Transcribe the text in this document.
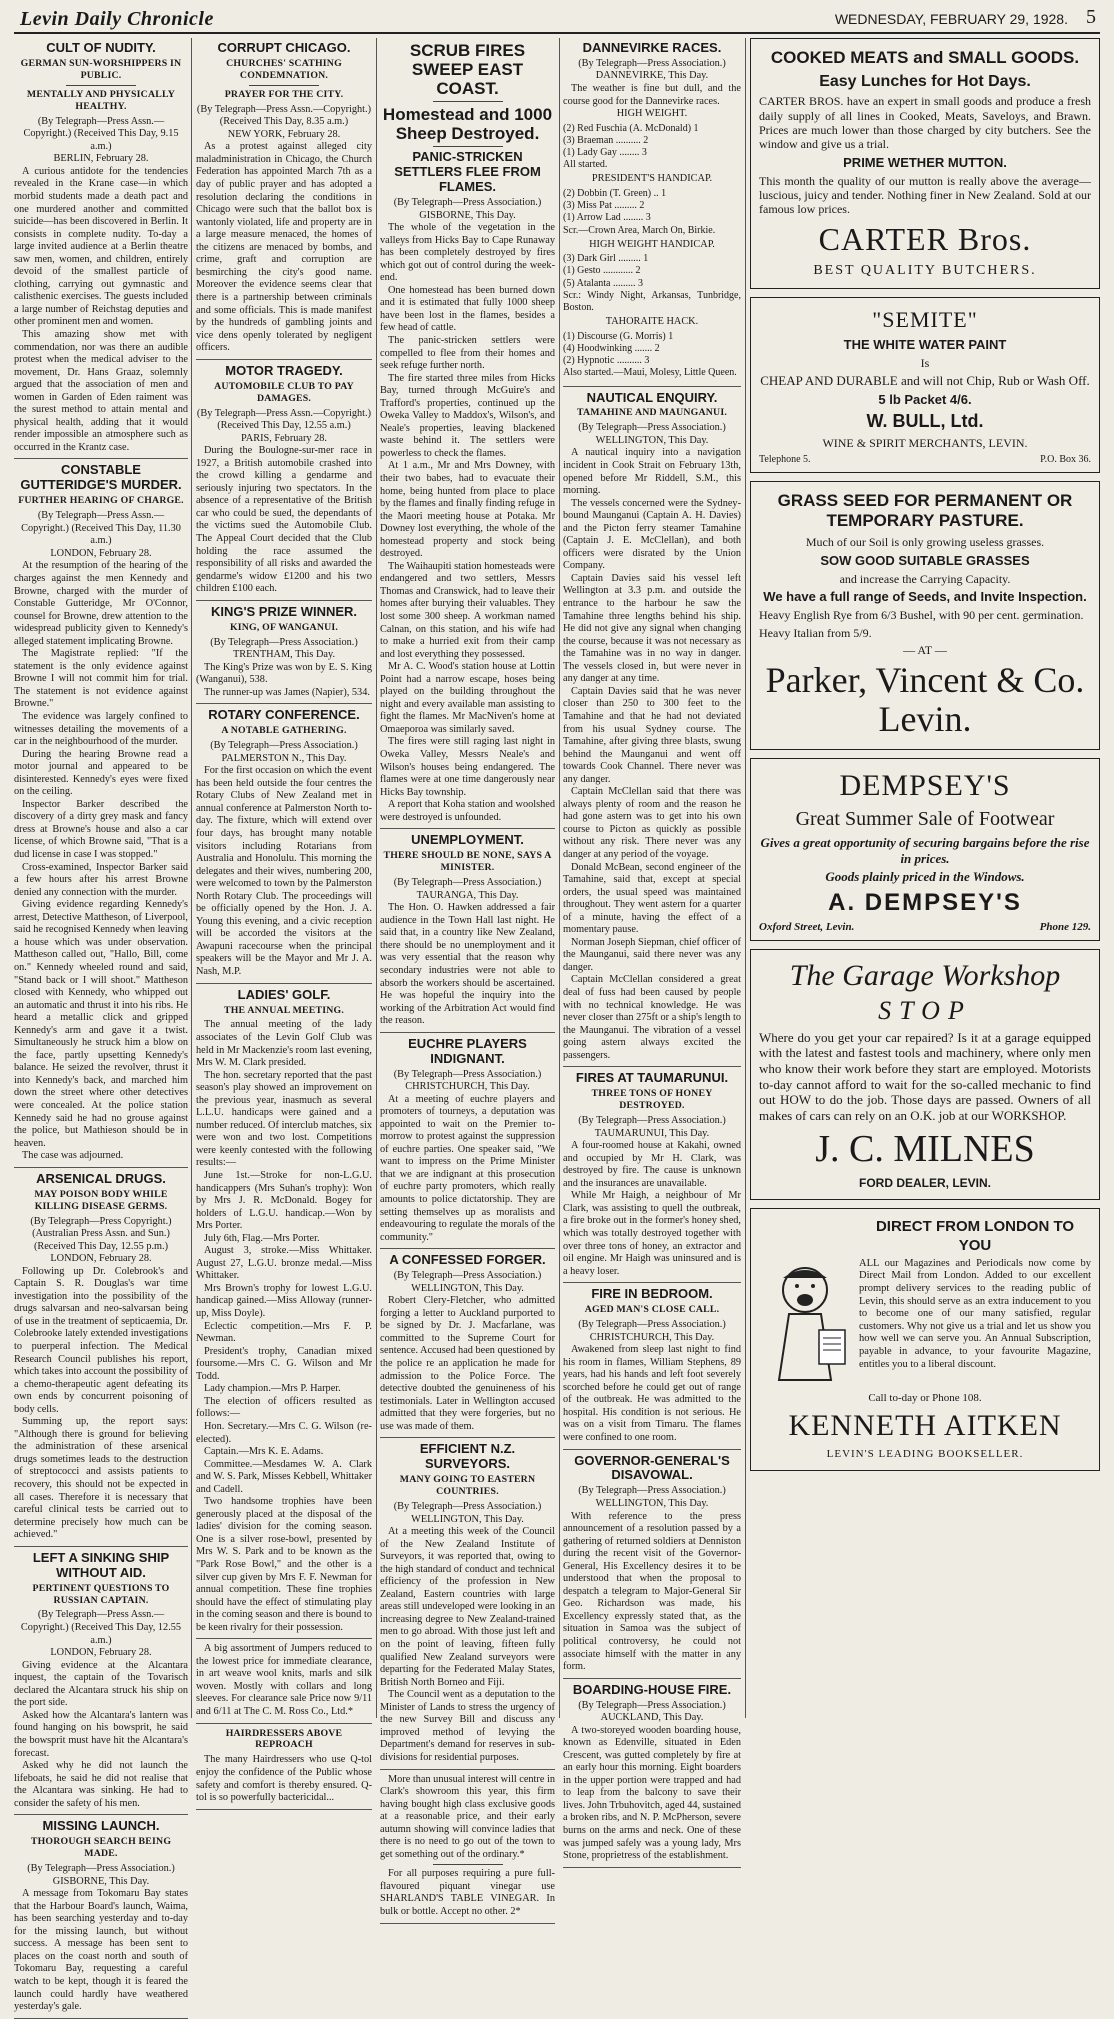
Levin Daily Chronicle	WEDNESDAY, FEBRUARY 29, 1928. 5
CULT OF NUDITY.
GERMAN SUN-WORSHIPPERS IN PUBLIC.
MENTALLY AND PHYSICALLY HEALTHY.

(By Telegraph—Press Assn.—Copyright.) (Received This Day, 9.15 a.m.)

BERLIN, February 28.

A curious antidote for the tendencies revealed in the Krane case—in which morbid students made a death pact and one murdered another and committed suicide—has been discovered in Berlin. It consists in complete nudity. To-day a large invited audience at a Berlin theatre saw men, women, and children, entirely devoid of the smallest particle of clothing, carrying out gymnastic and calisthenic exercises. The guests included a large number of Reichstag deputies and other prominent men and women.

This amazing show met with commendation, nor was there an audible protest when the medical adviser to the movement, Dr. Hans Graaz, solemnly argued that the association of men and women in Garden of Eden raiment was the surest method to attain mental and physical health, adding that it would render impossible an atmosphere such as occurred in the Krantz case.

CONSTABLE GUTTERIDGE'S MURDER.
FURTHER HEARING OF CHARGE.

(By Telegraph—Press Assn.—Copyright.) (Received This Day, 11.30 a.m.)

LONDON, February 28.

At the resumption of the hearing of the charges against the men Kennedy and Browne, charged with the murder of Constable Gutteridge, Mr O'Connor, counsel for Browne, drew attention to the widespread publicity given to Kennedy's alleged statement implicating Browne.

The Magistrate replied: "If the statement is the only evidence against Browne I will not commit him for trial. The statement is not evidence against Browne."

The evidence was largely confined to witnesses detailing the movements of a car in the neighbourhood of the murder.

During the hearing Browne read a motor journal and appeared to be disinterested. Kennedy's eyes were fixed on the ceiling.

Inspector Barker described the discovery of a dirty grey mask and fancy dress at Browne's house and also a car license, of which Browne said, "That is a dud license in case I was stopped."

Cross-examined, Inspector Barker said a few hours after his arrest Browne denied any connection with the murder.

Giving evidence regarding Kennedy's arrest, Detective Mattheson, of Liverpool, said he recognised Kennedy when leaving a house which was under observation. Mattheson called out, "Hallo, Bill, come on." Kennedy wheeled round and said, "Stand back or I will shoot." Mattheson closed with Kennedy, who whipped out an automatic and thrust it into his ribs. He heard a metallic click and gripped Kennedy's arm and gave it a twist. Simultaneously he struck him a blow on the face, partly upsetting Kennedy's balance. He seized the revolver, thrust it into Kennedy's back, and marched him down the street where other detectives were concealed. At the police station Kennedy said he had no grouse against the police, but Mathieson should be in heaven.

The case was adjourned.

ARSENICAL DRUGS.
MAY POISON BODY WHILE KILLING DISEASE GERMS.

(By Telegraph—Press Copyright.) (Australian Press Assn. and Sun.) (Received This Day, 12.55 p.m.)

LONDON, February 28.

Following up Dr. Colebrook's and Captain S. R. Douglas's war time investigation into the possibility of the drugs salvarsan and neo-salvarsan being of use in the treatment of septicaemia, Dr. Colebrooke lately extended investigations to puerperal infection. The Medical Research Council publishes his report, which takes into account the possibility of a chemo-therapeutic agent defeating its own ends by concurrent poisoning of body cells.

Summing up, the report says: "Although there is ground for believing the administration of these arsenical drugs sometimes leads to the destruction of streptococci and assists patients to recovery, this should not be expected in all cases. Therefore it is necessary that careful clinical tests be carried out to determine precisely how much can be achieved."

LEFT A SINKING SHIP WITHOUT AID.
PERTINENT QUESTIONS TO RUSSIAN CAPTAIN.

(By Telegraph—Press Assn.—Copyright.) (Received This Day, 12.55 a.m.)

LONDON, February 28.

Giving evidence at the Alcantara inquest, the captain of the Tovarisch declared the Alcantara struck his ship on the port side.

Asked how the Alcantara's lantern was found hanging on his bowsprit, he said the bowsprit must have hit the Alcantara's forecast.

Asked why he did not launch the lifeboats, he said he did not realise that the Alcantara was sinking. He had to consider the safety of his men.

MISSING LAUNCH.
THOROUGH SEARCH BEING MADE.

(By Telegraph—Press Association.)

GISBORNE, This Day.

A message from Tokomaru Bay states that the Harbour Board's launch, Waima, has been searching yesterday and to-day for the missing launch, but without success. A message has been sent to places on the coast north and south of Tokomaru Bay, requesting a careful watch to be kept, though it is feared the launch could hardly have weathered yesterday's gale.

CORRUPT CHICAGO.
CHURCHES' SCATHING CONDEMNATION.
PRAYER FOR THE CITY.

(By Telegraph—Press Assn.—Copyright.) (Received This Day, 8.35 a.m.)

NEW YORK, February 28.

As a protest against alleged city maladministration in Chicago, the Church Federation has appointed March 7th as a day of public prayer and has adopted a resolution declaring the conditions in Chicago were such that the ballot box is wantonly violated, life and property are in a large measure menaced, the homes of the citizens are menaced by bombs, and crime, graft and corruption are besmirching the city's good name. Moreover the evidence seems clear that there is a partnership between criminals and some officials. This is made manifest by the hundreds of gambling joints and vice dens openly tolerated by negligent officers.

MOTOR TRAGEDY.
AUTOMOBILE CLUB TO PAY DAMAGES.

(By Telegraph—Press Assn.—Copyright.) (Received This Day, 12.55 a.m.)

PARIS, February 28.

During the Boulogne-sur-mer race in 1927, a British automobile crashed into the crowd killing a gendarme and seriously injuring two spectators. In the absence of a representative of the British car who could be sued, the dependants of the victims sued the Automobile Club. The Appeal Court decided that the Club holding the race assumed the responsibility of all risks and awarded the gendarme's widow £1200 and his two children £100 each.

KING'S PRIZE WINNER.
KING, OF WANGANUI.

(By Telegraph—Press Association.)

TRENTHAM, This Day.

The King's Prize was won by E. S. King (Wanganui), 538.

The runner-up was James (Napier), 534.

ROTARY CONFERENCE.
A NOTABLE GATHERING.

(By Telegraph—Press Association.)

PALMERSTON N., This Day.

For the first occasion on which the event has been held outside the four centres the Rotary Clubs of New Zealand met in annual conference at Palmerston North to-day. The fixture, which will extend over four days, has brought many notable visitors including Rotarians from Australia and Honolulu. This morning the delegates and their wives, numbering 200, were welcomed to town by the Palmerston North Rotary Club. The proceedings will be officially opened by the Hon. J. A. Young this evening, and a civic reception will be accorded the visitors at the Awapuni racecourse when the principal speakers will be the Mayor and Mr J. A. Nash, M.P.

LADIES' GOLF.
THE ANNUAL MEETING.

The annual meeting of the lady associates of the Levin Golf Club was held in Mr Mackenzie's room last evening, Mrs W. M. Clark presided.

The hon. secretary reported that the past season's play showed an improvement on the previous year, inasmuch as several L.L.U. handicaps were gained and a number reduced. Of interclub matches, six were won and two lost. Competitions were keenly contested with the following results:—

June 1st.—Stroke for non-L.G.U. handicappers (Mrs Suhan's trophy): Won by Mrs J. R. McDonald. Bogey for holders of L.G.U. handicap.—Won by Mrs Porter.

July 6th, Flag.—Mrs Porter.

August 3, stroke.—Miss Whittaker. August 27, L.G.U. bronze medal.—Miss Whittaker.

Mrs Brown's trophy for lowest L.G.U. handicap gained.—Miss Alloway (runner-up, Miss Doyle).

Eclectic competition.—Mrs F. P. Newman.

President's trophy, Canadian mixed foursome.—Mrs C. G. Wilson and Mr Todd.

Lady champion.—Mrs P. Harper.

The election of officers resulted as follows:—

Hon. Secretary.—Mrs C. G. Wilson (re-elected).

Captain.—Mrs K. E. Adams.

Committee.—Mesdames W. A. Clark and W. S. Park, Misses Kebbell, Whittaker and Cadell.

Two handsome trophies have been generously placed at the disposal of the ladies' division for the coming season. One is a silver rose-bowl, presented by Mrs W. S. Park and to be known as the "Park Rose Bowl," and the other is a silver cup given by Mrs F. F. Newman for annual competition. These fine trophies should have the effect of stimulating play in the coming season and there is bound to be keen rivalry for their possession.

A big assortment of Jumpers reduced to the lowest price for immediate clearance, in art weave wool knits, marls and silk woven. Mostly with collars and long sleeves. For clearance sale Price now 9/11 and 6/11 at The C. M. Ross Co., Ltd.*

HAIRDRESSERS ABOVE REPROACH

The many Hairdressers who use Q-tol enjoy the confidence of the Public whose safety and comfort is thereby ensured. Q-tol is so powerfully bactericidal...

SCRUB FIRES SWEEP EAST COAST.
Homestead and 1000 Sheep Destroyed.
PANIC-STRICKEN SETTLERS FLEE FROM FLAMES.

(By Telegraph—Press Association.)

GISBORNE, This Day.

The whole of the vegetation in the valleys from Hicks Bay to Cape Runaway has been completely destroyed by fires which got out of control during the week-end.

One homestead has been burned down and it is estimated that fully 1000 sheep have been lost in the flames, besides a few head of cattle.

The panic-stricken settlers were compelled to flee from their homes and seek refuge further north.

The fire started three miles from Hicks Bay, turned through McGuire's and Trafford's properties, continued up the Oweka Valley to Maddox's, Wilson's, and Neale's properties, leaving blackened waste behind it. The settlers were powerless to check the flames.

At 1 a.m., Mr and Mrs Downey, with their two babes, had to evacuate their home, being hunted from place to place by the flames and finally finding refuge in the Maori meeting house at Potaka. Mr Downey lost everything, the whole of the homestead property and stock being destroyed.

The Waihaupiti station homesteads were endangered and two settlers, Messrs Thomas and Cranswick, had to leave their homes after burying their valuables. They lost some 300 sheep. A workman named Calnan, on this station, and his wife had to make a hurried exit from their camp and lost everything they possessed.

Mr A. C. Wood's station house at Lottin Point had a narrow escape, hoses being played on the building throughout the night and every available man assisting to fight the flames. Mr MacNiven's home at Omaeporoa was similarly saved.

The fires were still raging last night in Oweka Valley, Messrs Neale's and Wilson's houses being endangered. The flames were at one time dangerously near Hicks Bay township.

A report that Koha station and woolshed were destroyed is unfounded.

UNEMPLOYMENT.
THERE SHOULD BE NONE, SAYS A MINISTER.

(By Telegraph—Press Association.)

TAURANGA, This Day.

The Hon. O. Hawken addressed a fair audience in the Town Hall last night. He said that, in a country like New Zealand, there should be no unemployment and it was very essential that the reason why secondary industries were not able to absorb the workers should be ascertained. He was hopeful the inquiry into the working of the Arbitration Act would find the reason.

EUCHRE PLAYERS INDIGNANT.

(By Telegraph—Press Association.)

CHRISTCHURCH, This Day.

At a meeting of euchre players and promoters of tourneys, a deputation was appointed to wait on the Premier to-morrow to protest against the suppression of euchre parties. One speaker said, "We want to impress on the Prime Minister that we are indignant at this prosecution of euchre party promoters, which really amounts to police dictatorship. They are setting themselves up as moralists and endeavouring to regulate the morals of the community."

A CONFESSED FORGER.

(By Telegraph—Press Association.)

WELLINGTON, This Day.

Robert Clery-Fletcher, who admitted forging a letter to Auckland purported to be signed by Dr. J. Macfarlane, was committed to the Supreme Court for sentence. Accused had been questioned by the police re an application he made for admission to the Police Force. The detective doubted the genuineness of his testimonials. Later in Wellington accused admitted that they were forgeries, but no use was made of them.

EFFICIENT N.Z. SURVEYORS.
MANY GOING TO EASTERN COUNTRIES.

(By Telegraph—Press Association.)

WELLINGTON, This Day.

At a meeting this week of the Council of the New Zealand Institute of Surveyors, it was reported that, owing to the high standard of conduct and technical efficiency of the profession in New Zealand, Eastern countries with large areas still undeveloped were looking in an increasing degree to New Zealand-trained men to go abroad. With those just left and on the point of leaving, fifteen fully qualified New Zealand surveyors were departing for the Federated Malay States, British North Borneo and Fiji.

The Council went as a deputation to the Minister of Lands to stress the urgency of the new Survey Bill and discuss any improved method of levying the Department's demand for reserves in sub-divisions for residential purposes.

More than unusual interest will centre in Clark's showroom this year, this firm having bought high class exclusive goods at a reasonable price, and their early autumn showing will convince ladies that there is no need to go out of the town to get something out of the ordinary.*

For all purposes requiring a pure full-flavoured piquant vinegar use SHARLAND'S TABLE VINEGAR. In bulk or bottle. Accept no other. 2*

DANNEVIRKE RACES.

(By Telegraph—Press Association.)

DANNEVIRKE, This Day.

The weather is fine but dull, and the course good for the Dannevirke races.

HIGH WEIGHT.

(2) Red Fuschia (A. McDonald) 1
(3) Braeman .......... 2
(1) Lady Gay ........ 3
All started.

PRESIDENT'S HANDICAP.

(2) Dobbin (T. Green) .. 1
(3) Miss Pat ......... 2
(1) Arrow Lad ........ 3
Scr.—Crown Area, March On, Birkie.

HIGH WEIGHT HANDICAP.

(3) Dark Girl ......... 1
(1) Gesto ............ 2
(5) Atalanta ......... 3
Scr.: Windy Night, Arkansas, Tunbridge, Boston.

TAHORAITE HACK.

(1) Discourse (G. Morris) 1
(4) Hoodwinking ....... 2
(2) Hypnotic .......... 3
Also started.—Maui, Molesy, Little Queen.
NAUTICAL ENQUIRY.
TAMAHINE AND MAUNGANUI.

(By Telegraph—Press Association.)

WELLINGTON, This Day.

A nautical inquiry into a navigation incident in Cook Strait on February 13th, opened before Mr Riddell, S.M., this morning.

The vessels concerned were the Sydney-bound Maunganui (Captain A. H. Davies) and the Picton ferry steamer Tamahine (Captain J. E. McClellan), and both officers were disrated by the Union Company.

Captain Davies said his vessel left Wellington at 3.3 p.m. and outside the entrance to the harbour he saw the Tamahine three lengths behind his ship. He did not give any signal when changing the course, because it was not necessary as the Tamahine was in no way in danger. The vessels closed in, but were never in any danger at any time.

Captain Davies said that he was never closer than 250 to 300 feet to the Tamahine and that he had not deviated from his usual Sydney course. The Tamahine, after giving three blasts, swung behind the Maunganui and went off towards Cook Channel. There never was any danger.

Captain McClellan said that there was always plenty of room and the reason he had gone astern was to get into his own course to Picton as quickly as possible without any risk. There never was any danger at any period of the voyage.

Donald McBean, second engineer of the Tamahine, said that, except at special orders, the usual speed was maintained throughout. They went astern for a quarter of a minute, having the effect of a momentary pause.

Norman Joseph Siepman, chief officer of the Maunganui, said there never was any danger.

Captain McClellan considered a great deal of fuss had been caused by people with no technical knowledge. He was never closer than 275ft or a ship's length to the Maunganui. The vibration of a vessel going astern always excited the passengers.

FIRES AT TAUMARUNUI.
THREE TONS OF HONEY DESTROYED.

(By Telegraph—Press Association.)

TAUMARUNUI, This Day.

A four-roomed house at Kakahi, owned and occupied by Mr H. Clark, was destroyed by fire. The cause is unknown and the insurances are unavailable.

While Mr Haigh, a neighbour of Mr Clark, was assisting to quell the outbreak, a fire broke out in the former's honey shed, which was totally destroyed together with over three tons of honey, an extractor and oil engine. Mr Haigh was uninsured and is a heavy loser.

FIRE IN BEDROOM.
AGED MAN'S CLOSE CALL.

(By Telegraph—Press Association.)

CHRISTCHURCH, This Day.

Awakened from sleep last night to find his room in flames, William Stephens, 89 years, had his hands and left foot severely scorched before he could get out of range of the outbreak. He was admitted to the hospital. His condition is not serious. He was on a visit from Timaru. The flames were confined to one room.

GOVERNOR-GENERAL'S DISAVOWAL.

(By Telegraph—Press Association.)

WELLINGTON, This Day.

With reference to the press announcement of a resolution passed by a gathering of returned soldiers at Denniston during the recent visit of the Governor-General, His Excellency desires it to be understood that when the proposal to despatch a telegram to Major-General Sir Geo. Richardson was made, his Excellency expressly stated that, as the situation in Samoa was the subject of political controversy, he could not associate himself with the matter in any form.

BOARDING-HOUSE FIRE.

(By Telegraph—Press Association.)

AUCKLAND, This Day.

A two-storeyed wooden boarding house, known as Edenville, situated in Eden Crescent, was gutted completely by fire at an early hour this morning. Eight boarders in the upper portion were trapped and had to leap from the balcony to save their lives. John Trbuhovitch, aged 44, sustained a broken ribs, and N. P. McPherson, severe burns on the arms and neck. One of these was jumped safely was a young lady, Mrs Stone, proprietress of the establishment.

COOKED MEATS and SMALL GOODS.

Easy Lunches for Hot Days.

CARTER BROS. have an expert in small goods and produce a fresh daily supply of all lines in Cooked, Meats, Saveloys, and Brawn. Prices are much lower than those charged by city butchers. See the window and give us a trial.

PRIME WETHER MUTTON.

This month the quality of our mutton is really above the average—luscious, juicy and tender. Nothing finer in New Zealand. Sold at our famous low prices.

CARTER Bros.

BEST QUALITY BUTCHERS.

"SEMITE"

THE WHITE WATER PAINT

Is

CHEAP AND DURABLE and will not Chip, Rub or Wash Off.

5 lb Packet 4/6.

W. BULL, Ltd.

WINE & SPIRIT MERCHANTS, LEVIN.

Telephone 5.	P.O. Box 36.

GRASS SEED FOR PERMANENT OR TEMPORARY PASTURE.

Much of our Soil is only growing useless grasses.

SOW GOOD SUITABLE GRASSES

and increase the Carrying Capacity.

We have a full range of Seeds, and Invite Inspection.

Heavy English Rye from 6/3 Bushel, with 90 per cent. germination.

Heavy Italian from 5/9.

— AT —

Parker, Vincent & Co. Levin.

DEMPSEY'S

Great Summer Sale of Footwear

Gives a great opportunity of securing bargains before the rise in prices.

Goods plainly priced in the Windows.

A. DEMPSEY'S

Oxford Street, Levin.	Phone 129.

The Garage Workshop

STOP

Where do you get your car repaired? Is it at a garage equipped with the latest and fastest tools and machinery, where only men who know their work before they start are employed. Motorists to-day cannot afford to wait for the so-called mechanic to find out HOW to do the job. Those days are passed. Owners of all makes of cars can rely on an O.K. job at our WORKSHOP.

J. C. MILNES

FORD DEALER, LEVIN.

DIRECT FROM LONDON TO YOU

ALL our Magazines and Periodicals now come by Direct Mail from London. Added to our excellent prompt delivery services to the reading public of Levin, this should serve as an extra inducement to you to become one of our many satisfied, regular customers. Why not give us a trial and let us show you how well we can serve you. An Annual Subscription, payable in advance, to your favourite Magazine, entitles you to a liberal discount.

Call to-day or Phone 108.

KENNETH AITKEN

LEVIN'S LEADING BOOKSELLER.
